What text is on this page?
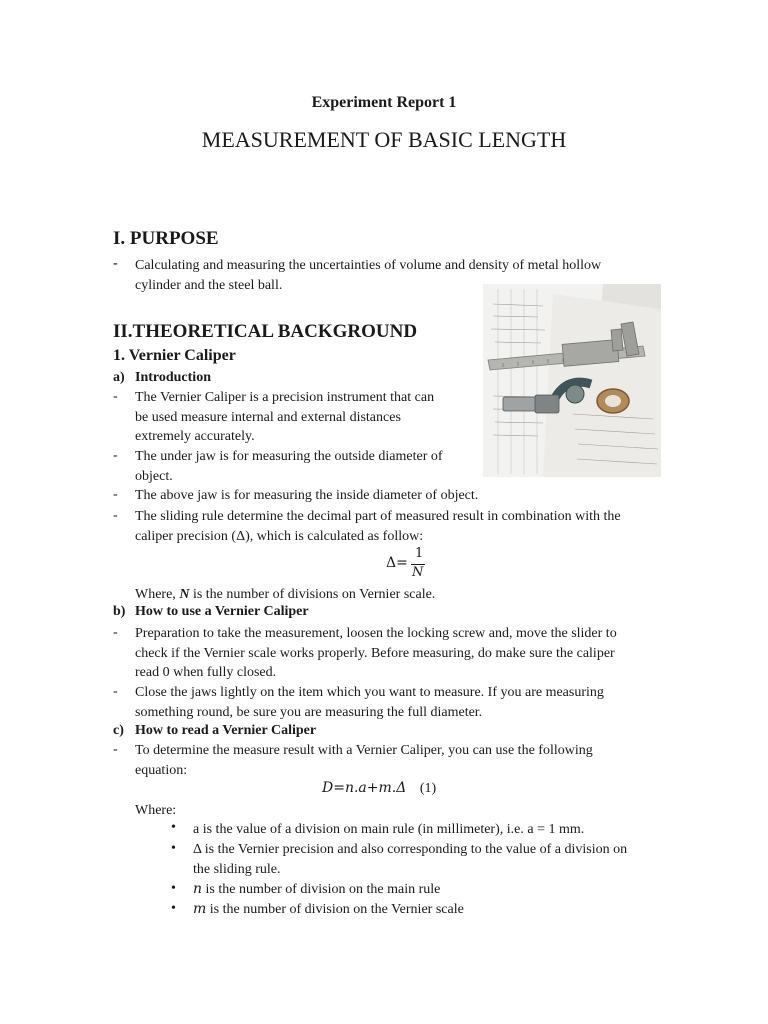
Experiment Report 1
MEASUREMENT OF BASIC LENGTH
I. PURPOSE
- Calculating and measuring the uncertainties of volume and density of metal hollow
cylinder and the steel ball.
II.THEORETICAL BACKGROUND
1. Vernier Caliper
a) Introduction
- The Vernier Caliper is a precision instrument that can
be used measure internal and external distances
extremely accurately.
- The under jaw is for measuring the outside diameter of
object.
- The above jaw is for measuring the inside diameter of object.
- The sliding rule determine the decimal part of measured result in combination with the
caliper precision (Δ), which is calculated as follow:
Δ=
1
N
Where, N is the number of divisions on Vernier scale.
b) How to use a Vernier Caliper
- Preparation to take the measurement, loosen the locking screw and, move the slider to
check if the Vernier scale works properly. Before measuring, do make sure the caliper
read 0 when fully closed.
- Close the jaws lightly on the item which you want to measure. If you are measuring
something round, be sure you are measuring the full diameter.
c) How to read a Vernier Caliper
- To determine the measure result with a Vernier Caliper, you can use the following
equation:
D=n.a+m.Δ (1)
Where:
• a is the value of a division on main rule (in millimeter), i.e. a = 1 mm.
• Δ is the Vernier precision and also corresponding to the value of a division on
the sliding rule.
• n is the number of division on the main rule
• m is the number of division on the Vernier scale
